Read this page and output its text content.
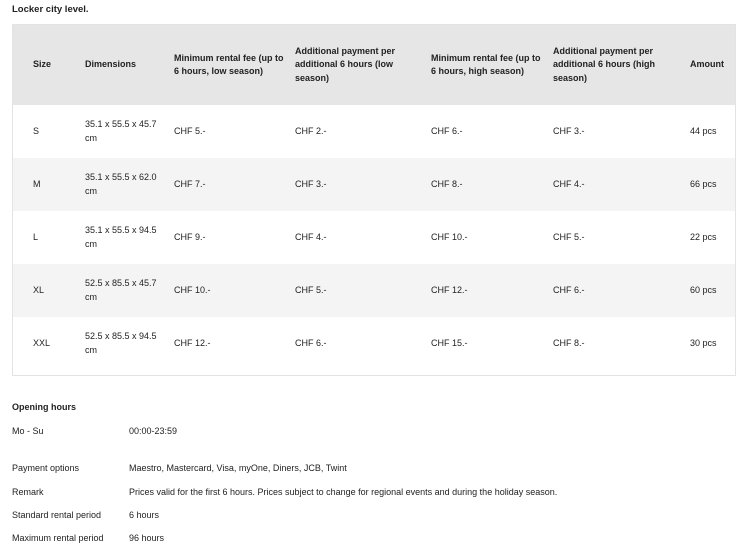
Locker city level.
Size	Dimensions	Minimum rental fee (up to 6 hours, low season)	Additional payment per additional 6 hours (low season)	Minimum rental fee (up to 6 hours, high season)	Additional payment per additional 6 hours (high season)	Amount
S	35.1 x 55.5 x 45.7 cm	CHF 5.-	CHF 2.-	CHF 6.-	CHF 3.-	44 pcs
M	35.1 x 55.5 x 62.0 cm	CHF 7.-	CHF 3.-	CHF 8.-	CHF 4.-	66 pcs
L	35.1 x 55.5 x 94.5 cm	CHF 9.-	CHF 4.-	CHF 10.-	CHF 5.-	22 pcs
XL	52.5 x 85.5 x 45.7 cm	CHF 10.-	CHF 5.-	CHF 12.-	CHF 6.-	60 pcs
XXL	52.5 x 85.5 x 94.5 cm	CHF 12.-	CHF 6.-	CHF 15.-	CHF 8.-	30 pcs
Opening hours
Mo - Su	00:00-23:59
Payment options	Maestro, Mastercard, Visa, myOne, Diners, JCB, Twint
Remark	Prices valid for the first 6 hours. Prices subject to change for regional events and during the holiday season.
Standard rental period	6 hours
Maximum rental period	96 hours
